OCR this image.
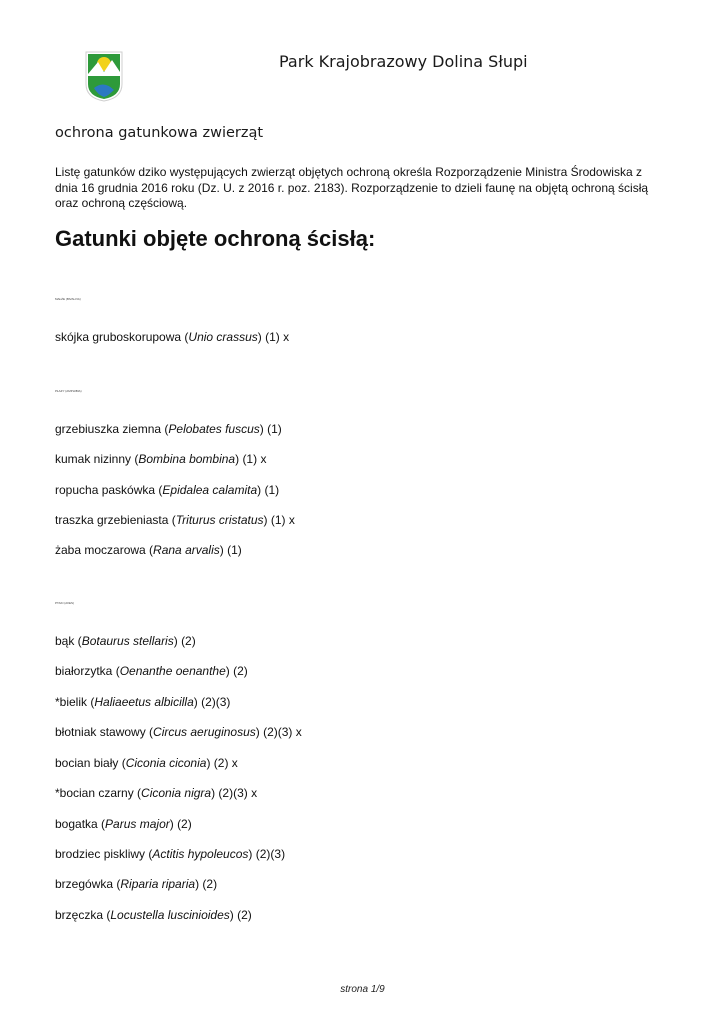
Park Krajobrazowy Dolina Słupi
ochrona gatunkowa zwierząt
Listę gatunków dziko występujących zwierząt objętych ochroną określa Rozporządzenie Ministra Środowiska z dnia 16 grudnia 2016 roku (Dz. U. z 2016 r. poz. 2183). Rozporządzenie to dzieli faunę na objętą ochroną ścisłą oraz ochroną częściową.
Gatunki objęte ochroną ścisłą:
MAŁŻE (BIVALVIA)
skójka gruboskorupowa (Unio crassus) (1) x
PŁAZY (AMPHIBIA)
grzebiuszka ziemna (Pelobates fuscus) (1)
kumak nizinny (Bombina bombina) (1) x
ropucha paskówka (Epidalea calamita) (1)
traszka grzebieniasta (Triturus cristatus) (1) x
żaba moczarowa (Rana arvalis) (1)
PTAKI (AVES)
bąk (Botaurus stellaris) (2)
białorzytka (Oenanthe oenanthe) (2)
*bielik (Haliaeetus albicilla) (2)(3)
błotniak stawowy (Circus aeruginosus) (2)(3) x
bocian biały (Ciconia ciconia) (2) x
*bocian czarny (Ciconia nigra) (2)(3) x
bogatka (Parus major) (2)
brodziec piskliwy (Actitis hypoleucos) (2)(3)
brzegówka (Riparia riparia) (2)
brzęczka (Locustella luscinioides) (2)
strona 1/9
